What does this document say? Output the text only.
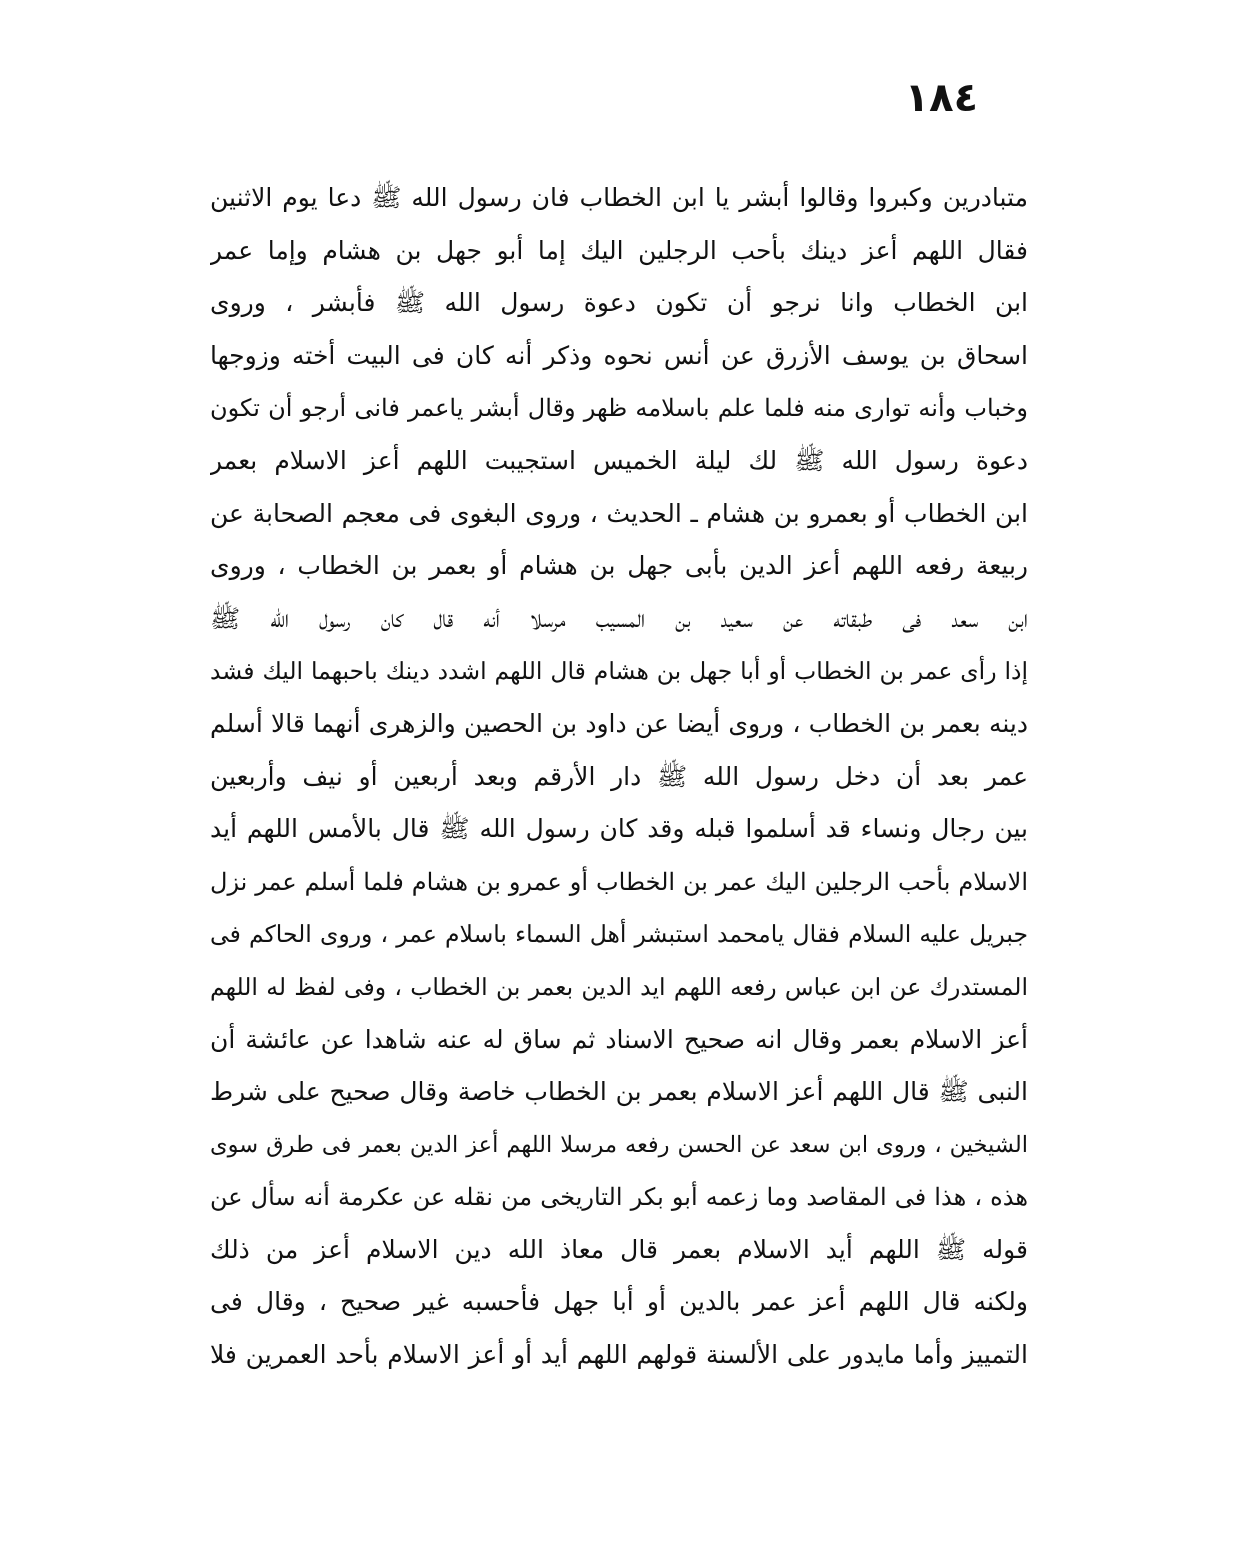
١٨٤
متبادرين وكبروا وقالوا أبشر يا ابن الخطاب فان رسول الله ﷺ دعا يوم الاثنين
فقال اللهم أعز دينك بأحب الرجلين اليك إما أبو جهل بن هشام وإما عمر
ابن الخطاب وانا نرجو أن تكون دعوة رسول الله ﷺ فأبشر ، وروى
اسحاق بن يوسف الأزرق عن أنس نحوه وذكر أنه كان فى البيت أخته وزوجها
وخباب وأنه توارى منه فلما علم باسلامه ظهر وقال أبشر ياعمر فانى أرجو أن تكون
دعوة رسول الله ﷺ لك ليلة الخميس استجيبت اللهم أعز الاسلام بعمر
ابن الخطاب أو بعمرو بن هشام ـ الحديث ، وروى البغوى فى معجم الصحابة عن
ربيعة رفعه اللهم أعز الدين بأبى جهل بن هشام أو بعمر بن الخطاب ، وروى
ابن سعد فى طبقاته عن سعيد بن المسيب مرسلا أنه قال كان رسول الله ﷺ
إذا رأى عمر بن الخطاب أو أبا جهل بن هشام قال اللهم اشدد دينك باحبهما اليك فشد
دينه بعمر بن الخطاب ، وروى أيضا عن داود بن الحصين والزهرى أنهما قالا أسلم
عمر بعد أن دخل رسول الله ﷺ دار الأرقم وبعد أربعين أو نيف وأربعين
بين رجال ونساء قد أسلموا قبله وقد كان رسول الله ﷺ قال بالأمس اللهم أيد
الاسلام بأحب الرجلين اليك عمر بن الخطاب أو عمرو بن هشام فلما أسلم عمر نزل
جبريل عليه السلام فقال يامحمد استبشر أهل السماء باسلام عمر ، وروى الحاكم فى
المستدرك عن ابن عباس رفعه اللهم ايد الدين بعمر بن الخطاب ، وفى لفظ له اللهم
أعز الاسلام بعمر وقال انه صحيح الاسناد ثم ساق له عنه شاهدا عن عائشة أن
النبى ﷺ قال اللهم أعز الاسلام بعمر بن الخطاب خاصة وقال صحيح على شرط
الشيخين ، وروى ابن سعد عن الحسن رفعه مرسلا اللهم أعز الدين بعمر فى طرق سوى
هذه ، هذا فى المقاصد وما زعمه أبو بكر التاريخى من نقله عن عكرمة أنه سأل عن
قوله ﷺ اللهم أيد الاسلام بعمر قال معاذ الله دين الاسلام أعز من ذلك
ولكنه قال اللهم أعز عمر بالدين أو أبا جهل فأحسبه غير صحيح ، وقال فى
التمييز وأما مايدور على الألسنة قولهم اللهم أيد أو أعز الاسلام بأحد العمرين فلا
